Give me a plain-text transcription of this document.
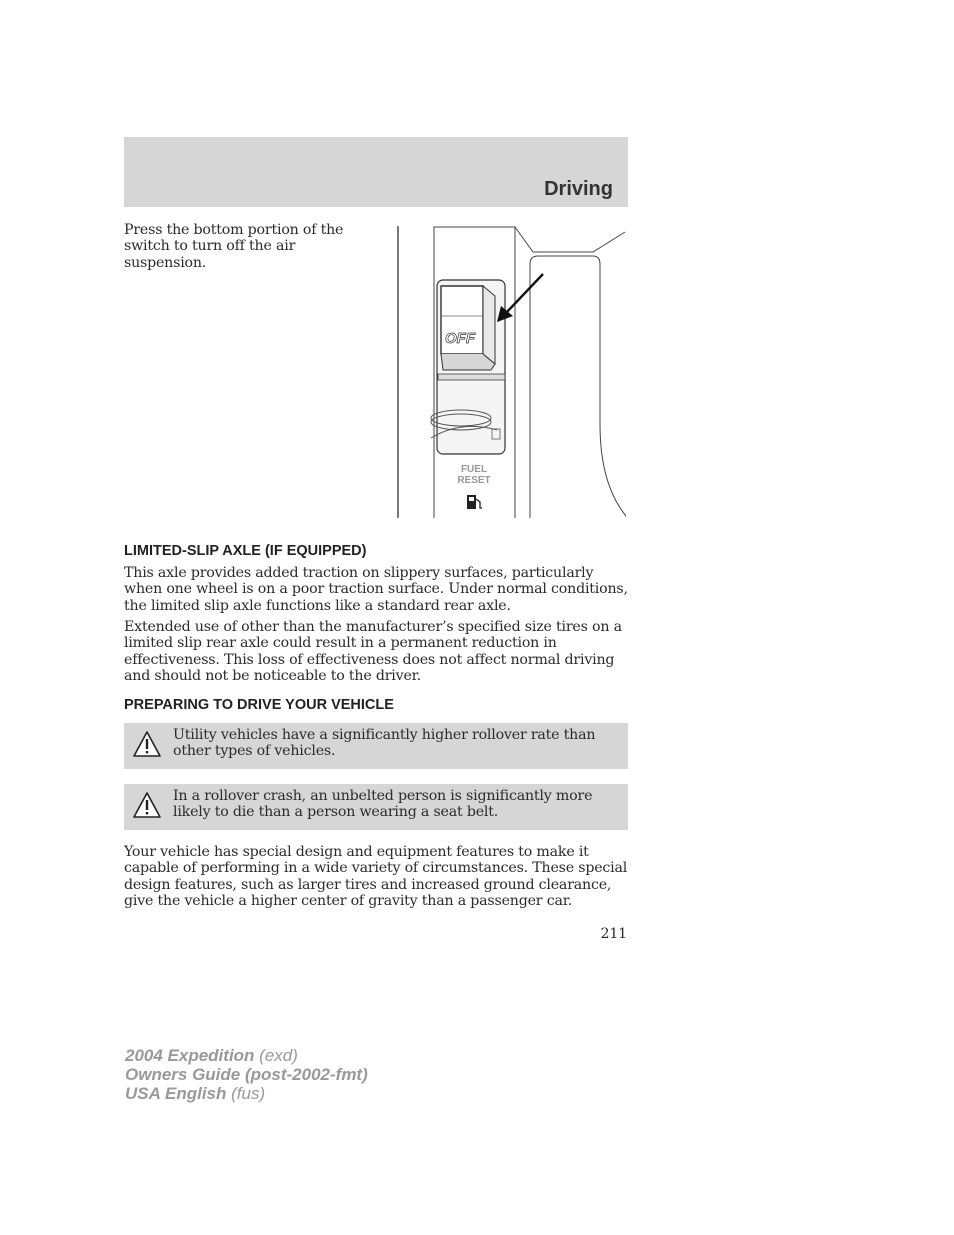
Driving
Press the bottom portion of the switch to turn off the air suspension.
OFF
FUEL
RESET
LIMITED-SLIP AXLE (IF EQUIPPED)

This axle provides added traction on slippery surfaces, particularly when one wheel is on a poor traction surface. Under normal conditions, the limited slip axle functions like a standard rear axle.

Extended use of other than the manufacturer’s specified size tires on a limited slip rear axle could result in a permanent reduction in effectiveness. This loss of effectiveness does not affect normal driving and should not be noticeable to the driver.

PREPARING TO DRIVE YOUR VEHICLE
Utility vehicles have a significantly higher rollover rate than other types of vehicles.
In a rollover crash, an unbelted person is significantly more likely to die than a person wearing a seat belt.

Your vehicle has special design and equipment features to make it capable of performing in a wide variety of circumstances. These special design features, such as larger tires and increased ground clearance, give the vehicle a higher center of gravity than a passenger car.

211
2004 Expedition (exd)
Owners Guide (post-2002-fmt)
USA English (fus)
